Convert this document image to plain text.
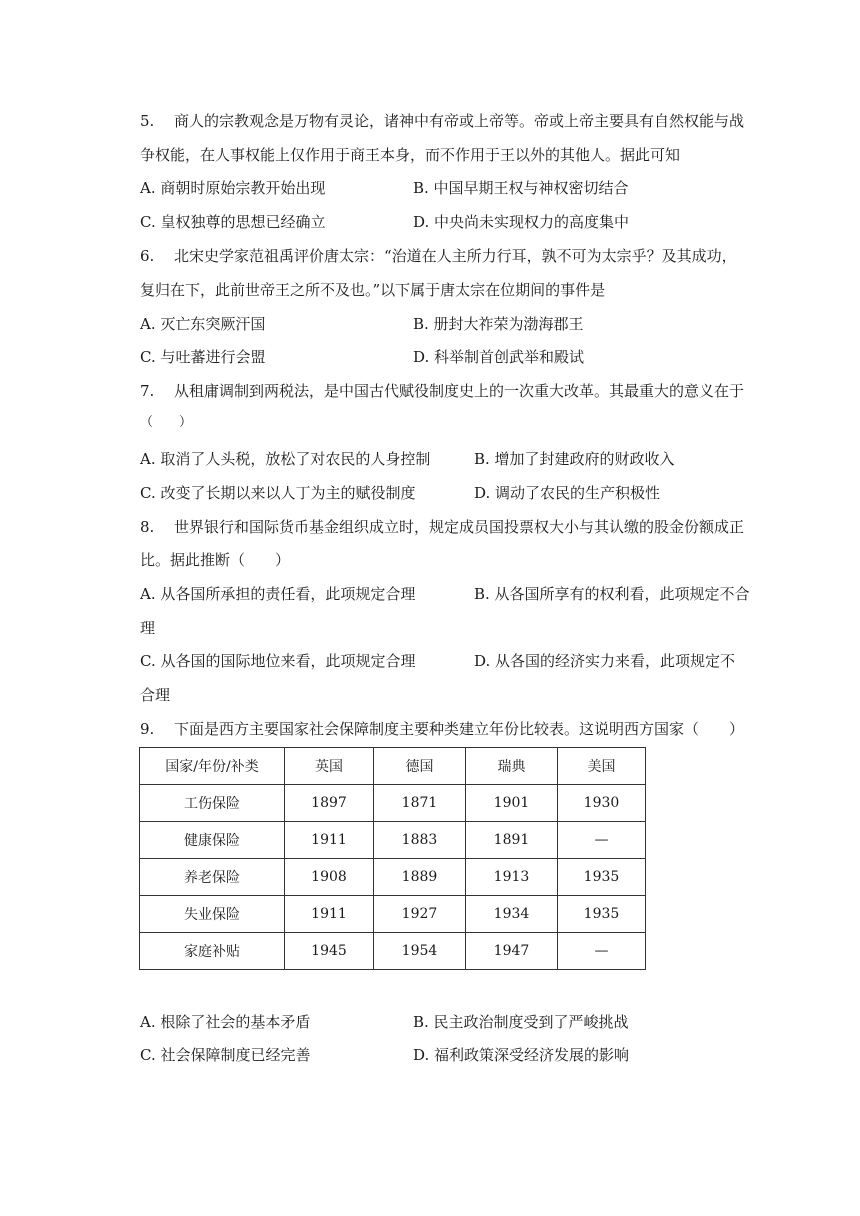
5. 商人的宗教观念是万物有灵论，诸神中有帝或上帝等。帝或上帝主要具有自然权能与战
争权能，在人事权能上仅作用于商王本身，而不作用于王以外的其他人。据此可知
A. 商朝时原始宗教开始出现	B. 中国早期王权与神权密切结合
C. 皇权独尊的思想已经确立	D. 中央尚未实现权力的高度集中
6. 北宋史学家范祖禹评价唐太宗：“治道在人主所力行耳，孰不可为太宗乎？及其成功，
复归在下，此前世帝王之所不及也。”以下属于唐太宗在位期间的事件是
A. 灭亡东突厥汗国	B. 册封大祚荣为渤海郡王
C. 与吐蕃进行会盟	D. 科举制首创武举和殿试
7. 从租庸调制到两税法，是中国古代赋役制度史上的一次重大改革。其最重大的意义在于
（　　）
A. 取消了人头税，放松了对农民的人身控制	B. 增加了封建政府的财政收入
C. 改变了长期以来以人丁为主的赋役制度	D. 调动了农民的生产积极性
8. 世界银行和国际货币基金组织成立时，规定成员国投票权大小与其认缴的股金份额成正
比。据此推断（　　）
A. 从各国所承担的责任看，此项规定合理	B. 从各国所享有的权利看，此项规定不合
理
C. 从各国的国际地位来看，此项规定合理	D. 从各国的经济实力来看，此项规定不
合理
9. 下面是西方主要国家社会保障制度主要种类建立年份比较表。这说明西方国家（　　）
国家/年份/补类	英国	德国	瑞典	美国
工伤保险	1897	1871	1901	1930
健康保险	1911	1883	1891	—
养老保险	1908	1889	1913	1935
失业保险	1911	1927	1934	1935
家庭补贴	1945	1954	1947	—
A. 根除了社会的基本矛盾	B. 民主政治制度受到了严峻挑战
C. 社会保障制度已经完善	D. 福利政策深受经济发展的影响
